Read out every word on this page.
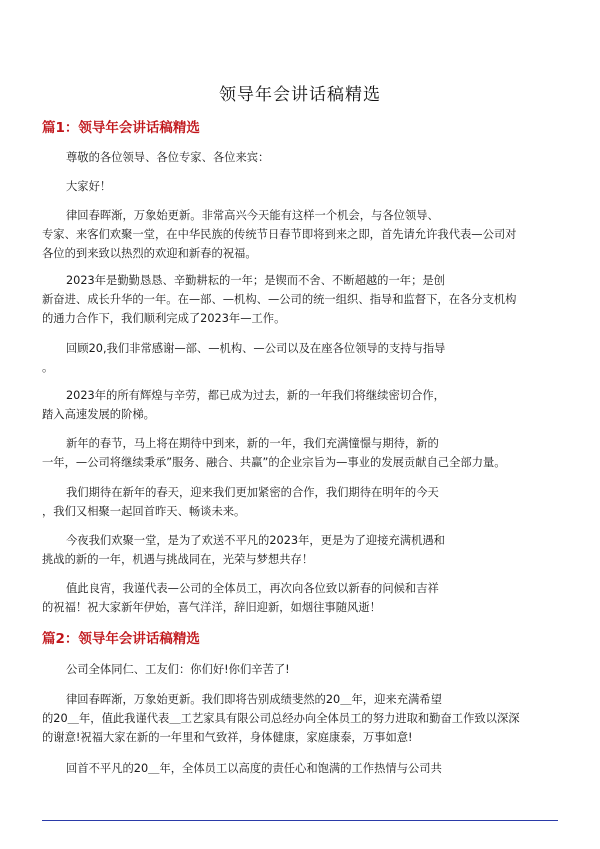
领导年会讲话稿精选
篇1：领导年会讲话稿精选
尊敬的各位领导、各位专家、各位来宾：
大家好！
律回春晖渐，万象始更新。非常高兴今天能有这样一个机会，与各位领导、
专家、来客们欢聚一堂，在中华民族的传统节日春节即将到来之即，首先请允许我代表—公司对
各位的到来致以热烈的欢迎和新春的祝福。
2023年是勤勤恳恳、辛勤耕耘的一年；是锲而不舍、不断超越的一年；是创
新奋进、成长升华的一年。在—部、—机构、—公司的统一组织、指导和监督下，在各分支机构
的通力合作下，我们顺利完成了2023年—工作。
回顾20,我们非常感谢—部、—机构、—公司以及在座各位领导的支持与指导
。
2023年的所有辉煌与辛劳，都已成为过去，新的一年我们将继续密切合作，
踏入高速发展的阶梯。
新年的春节，马上将在期待中到来，新的一年，我们充满憧憬与期待，新的
一年，—公司将继续秉承”服务、融合、共赢”的企业宗旨为—事业的发展贡献自己全部力量。
我们期待在新年的春天，迎来我们更加紧密的合作，我们期待在明年的今天
，我们又相聚一起回首昨天、畅谈未来。
今夜我们欢聚一堂，是为了欢送不平凡的2023年，更是为了迎接充满机遇和
挑战的新的一年，机遇与挑战同在，光荣与梦想共存！
值此良宵，我谨代表—公司的全体员工，再次向各位致以新春的问候和吉祥
的祝福！祝大家新年伊始，喜气洋洋，辞旧迎新，如烟往事随风逝！
篇2：领导年会讲话稿精选
公司全体同仁、工友们：你们好!你们辛苦了!
律回春晖渐，万象始更新。我们即将告别成绩斐然的20＿年，迎来充满希望
的20＿年，值此我谨代表＿工艺家具有限公司总经办向全体员工的努力进取和勤奋工作致以深深
的谢意!祝福大家在新的一年里和气致祥，身体健康，家庭康泰，万事如意!
回首不平凡的20＿年，全体员工以高度的责任心和饱满的工作热情与公司共
